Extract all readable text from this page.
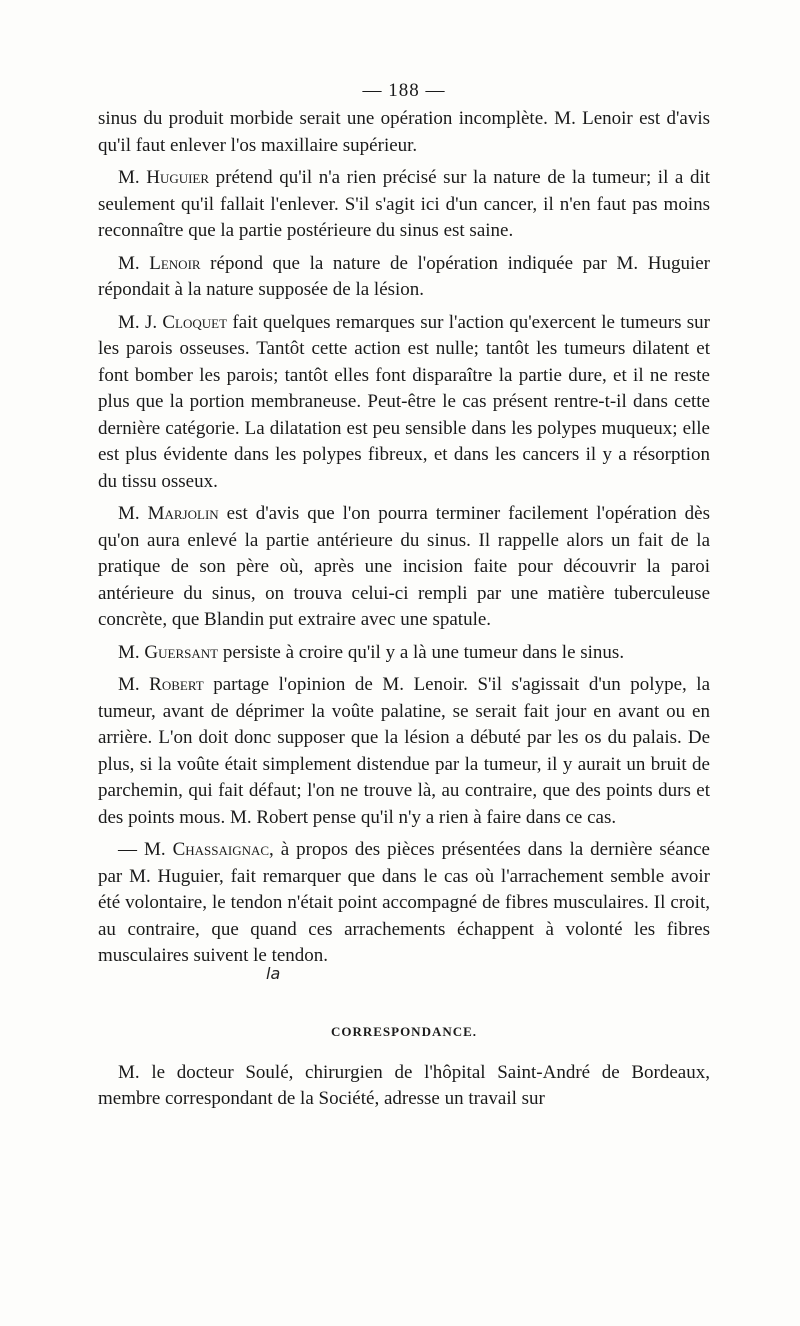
— 188 —

sinus du produit morbide serait une opération incomplète. M. Lenoir est d'avis qu'il faut enlever l'os maxillaire supérieur.

M. Huguier prétend qu'il n'a rien précisé sur la nature de la tumeur; il a dit seulement qu'il fallait l'enlever. S'il s'agit ici d'un cancer, il n'en faut pas moins reconnaître que la partie postérieure du sinus est saine.

M. Lenoir répond que la nature de l'opération indiquée par M. Huguier répondait à la nature supposée de la lésion.

M. J. Cloquet fait quelques remarques sur l'action qu'exercent le tumeurs sur les parois osseuses. Tantôt cette action est nulle; tantôt les tumeurs dilatent et font bomber les parois; tantôt elles font disparaître la partie dure, et il ne reste plus que la portion membraneuse. Peut-être le cas présent rentre-t-il dans cette dernière catégorie. La dilatation est peu sensible dans les polypes muqueux; elle est plus évidente dans les polypes fibreux, et dans les cancers il y a résorption du tissu osseux.

M. Marjolin est d'avis que l'on pourra terminer facilement l'opération dès qu'on aura enlevé la partie antérieure du sinus. Il rappelle alors un fait de la pratique de son père où, après une incision faite pour découvrir la paroi antérieure du sinus, on trouva celui-ci rempli par une matière tuberculeuse concrète, que Blandin put extraire avec une spatule.

M. Guersant persiste à croire qu'il y a là une tumeur dans le sinus.

M. Robert partage l'opinion de M. Lenoir. S'il s'agissait d'un polype, la tumeur, avant de déprimer la voûte palatine, se serait fait jour en avant ou en arrière. L'on doit donc supposer que la lésion a débuté par les os du palais. De plus, si la voûte était simplement distendue par la tumeur, il y aurait un bruit de parchemin, qui fait défaut; l'on ne trouve là, au contraire, que des points durs et des points mous. M. Robert pense qu'il n'y a rien à faire dans ce cas.

— M. Chassaignac, à propos des pièces présentées dans la dernière séance par M. Huguier, fait remarquer que dans le cas où l'arrachement semble avoir été volontaire, le tendon n'était point accompagné de fibres musculaires. Il croit, au contraire, que quand ces arrachements échappent à volonté les fibres musculaires suivent le tendon.

la
CORRESPONDANCE.

M. le docteur Soulé, chirurgien de l'hôpital Saint-André de Bordeaux, membre correspondant de la Société, adresse un travail sur
